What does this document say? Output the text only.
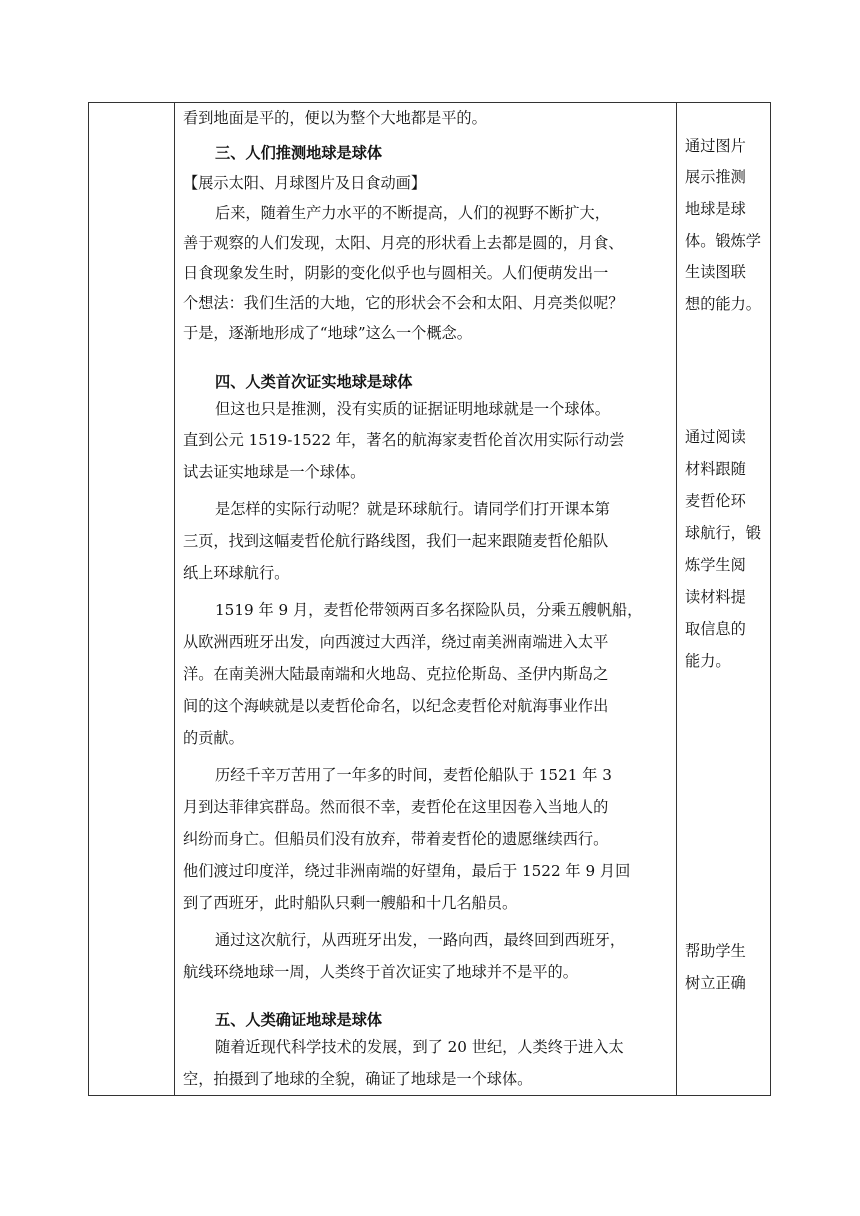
看到地面是平的，便以为整个大地都是平的。
三、人们推测地球是球体
【展示太阳、月球图片及日食动画】
后来，随着生产力水平的不断提高，人们的视野不断扩大，
善于观察的人们发现，太阳、月亮的形状看上去都是圆的，月食、
日食现象发生时，阴影的变化似乎也与圆相关。人们便萌发出一
个想法：我们生活的大地，它的形状会不会和太阳、月亮类似呢？
于是，逐渐地形成了“地球”这么一个概念。
四、人类首次证实地球是球体
但这也只是推测，没有实质的证据证明地球就是一个球体。
直到公元 1519-1522 年，著名的航海家麦哲伦首次用实际行动尝
试去证实地球是一个球体。
是怎样的实际行动呢？就是环球航行。请同学们打开课本第
三页，找到这幅麦哲伦航行路线图，我们一起来跟随麦哲伦船队
纸上环球航行。
1519 年 9 月，麦哲伦带领两百多名探险队员，分乘五艘帆船，
从欧洲西班牙出发，向西渡过大西洋，绕过南美洲南端进入太平
洋。在南美洲大陆最南端和火地岛、克拉伦斯岛、圣伊内斯岛之
间的这个海峡就是以麦哲伦命名，以纪念麦哲伦对航海事业作出
的贡献。
历经千辛万苦用了一年多的时间，麦哲伦船队于 1521 年 3
月到达菲律宾群岛。然而很不幸，麦哲伦在这里因卷入当地人的
纠纷而身亡。但船员们没有放弃，带着麦哲伦的遗愿继续西行。
他们渡过印度洋，绕过非洲南端的好望角，最后于 1522 年 9 月回
到了西班牙，此时船队只剩一艘船和十几名船员。
通过这次航行，从西班牙出发，一路向西，最终回到西班牙，
航线环绕地球一周，人类终于首次证实了地球并不是平的。
五、人类确证地球是球体
随着近现代科学技术的发展，到了 20 世纪，人类终于进入太
空，拍摄到了地球的全貌，确证了地球是一个球体。
通过图片
展示推测
地球是球
体。锻炼学
生读图联
想的能力。
通过阅读
材料跟随
麦哲伦环
球航行，锻
炼学生阅
读材料提
取信息的
能力。
帮助学生
树立正确
